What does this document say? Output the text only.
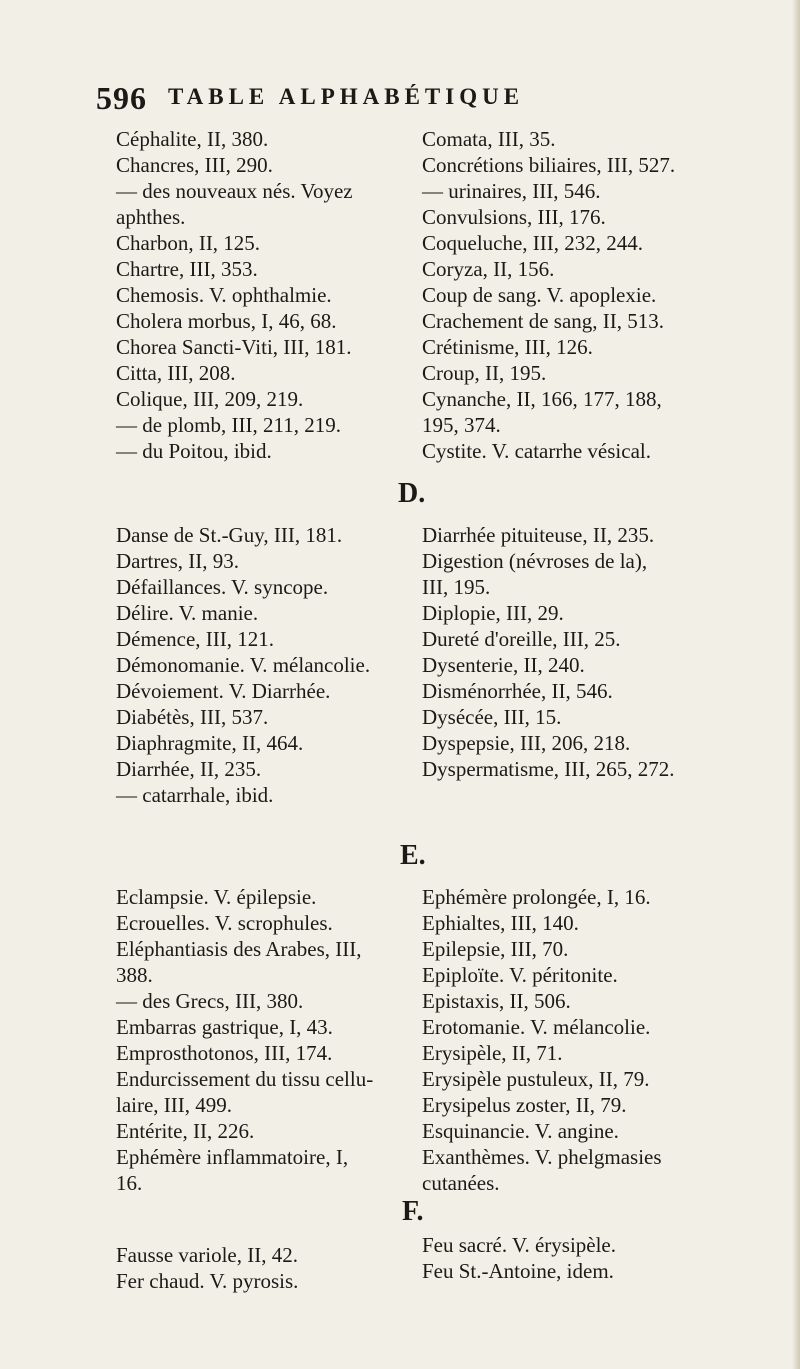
596 TABLE ALPHABÉTIQUE
Céphalite, II, 380.
Chancres, III, 290.
— des nouveaux nés. Voyez
aphthes.
Charbon, II, 125.
Chartre, III, 353.
Chemosis. V. ophthalmie.
Cholera morbus, I, 46, 68.
Chorea Sancti-Viti, III, 181.
Citta, III, 208.
Colique, III, 209, 219.
— de plomb, III, 211, 219.
— du Poitou, ibid.
Comata, III, 35.
Concrétions biliaires, III, 527.
— urinaires, III, 546.
Convulsions, III, 176.
Coqueluche, III, 232, 244.
Coryza, II, 156.
Coup de sang. V. apoplexie.
Crachement de sang, II, 513.
Crétinisme, III, 126.
Croup, II, 195.
Cynanche, II, 166, 177, 188,
195, 374.
Cystite. V. catarrhe vésical.
D.
Danse de St.-Guy, III, 181.
Dartres, II, 93.
Défaillances. V. syncope.
Délire. V. manie.
Démence, III, 121.
Démonomanie. V. mélancolie.
Dévoiement. V. Diarrhée.
Diabétès, III, 537.
Diaphragmite, II, 464.
Diarrhée, II, 235.
— catarrhale, ibid.
Diarrhée pituiteuse, II, 235.
Digestion (névroses de la),
III, 195.
Diplopie, III, 29.
Dureté d'oreille, III, 25.
Dysenterie, II, 240.
Disménorrhée, II, 546.
Dysécée, III, 15.
Dyspepsie, III, 206, 218.
Dyspermatisme, III, 265, 272.
E.
Eclampsie. V. épilepsie.
Ecrouelles. V. scrophules.
Eléphantiasis des Arabes, III,
388.
— des Grecs, III, 380.
Embarras gastrique, I, 43.
Emprosthotonos, III, 174.
Endurcissement du tissu cellu-
laire, III, 499.
Entérite, II, 226.
Ephémère inflammatoire, I,
16.
Ephémère prolongée, I, 16.
Ephialtes, III, 140.
Epilepsie, III, 70.
Epiploïte. V. péritonite.
Epistaxis, II, 506.
Erotomanie. V. mélancolie.
Erysipèle, II, 71.
Erysipèle pustuleux, II, 79.
Erysipelus zoster, II, 79.
Esquinancie. V. angine.
Exanthèmes. V. phelgmasies
cutanées.
F.
Fausse variole, II, 42.
Fer chaud. V. pyrosis.
Feu sacré. V. érysipèle.
Feu St.-Antoine, idem.
